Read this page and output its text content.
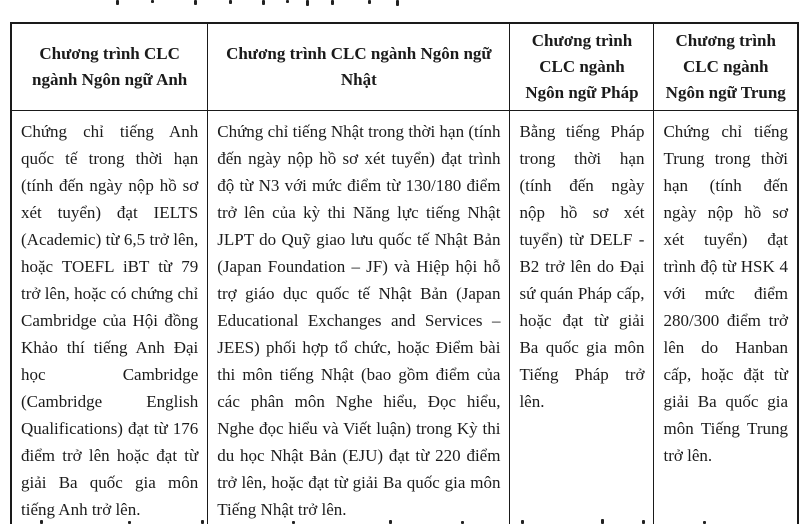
Chương trình CLC ngành Ngôn ngữ Anh	Chương trình CLC ngành Ngôn ngữ Nhật	Chương trình CLC ngành Ngôn ngữ Pháp	Chương trình CLC ngành Ngôn ngữ Trung
Chứng chỉ tiếng Anh quốc tế trong thời hạn (tính đến ngày nộp hồ sơ xét tuyển) đạt IELTS (Academic) từ 6,5 trở lên, hoặc TOEFL iBT từ 79 trở lên, hoặc có chứng chỉ Cambridge của Hội đồng Khảo thí tiếng Anh Đại học Cambridge (Cambridge English Qualifications) đạt từ 176 điểm trở lên hoặc đạt từ giải Ba quốc gia môn tiếng Anh trở lên.	Chứng chỉ tiếng Nhật trong thời hạn (tính đến ngày nộp hồ sơ xét tuyển) đạt trình độ từ N3 với mức điểm từ 130/180 điểm trở lên của kỳ thi Năng lực tiếng Nhật JLPT do Quỹ giao lưu quốc tế Nhật Bản (Japan Foundation – JF) và Hiệp hội hỗ trợ giáo dục quốc tế Nhật Bản (Japan Educational Exchanges and Services – JEES) phối hợp tổ chức, hoặc Điểm bài thi môn tiếng Nhật (bao gồm điểm của các phân môn Nghe hiểu, Đọc hiểu, Nghe đọc hiểu và Viết luận) trong Kỳ thi du học Nhật Bản (EJU) đạt từ 220 điểm trở lên, hoặc đạt từ giải Ba quốc gia môn Tiếng Nhật trở lên.	Bằng tiếng Pháp trong thời hạn (tính đến ngày nộp hồ sơ xét tuyển) từ DELF - B2 trở lên do Đại sứ quán Pháp cấp, hoặc đạt từ giải Ba quốc gia môn Tiếng Pháp trở lên.	Chứng chỉ tiếng Trung trong thời hạn (tính đến ngày nộp hồ sơ xét tuyển) đạt trình độ từ HSK 4 với mức điểm 280/300 điểm trở lên do Hanban cấp, hoặc đặt từ giải Ba quốc gia môn Tiếng Trung trở lên.
